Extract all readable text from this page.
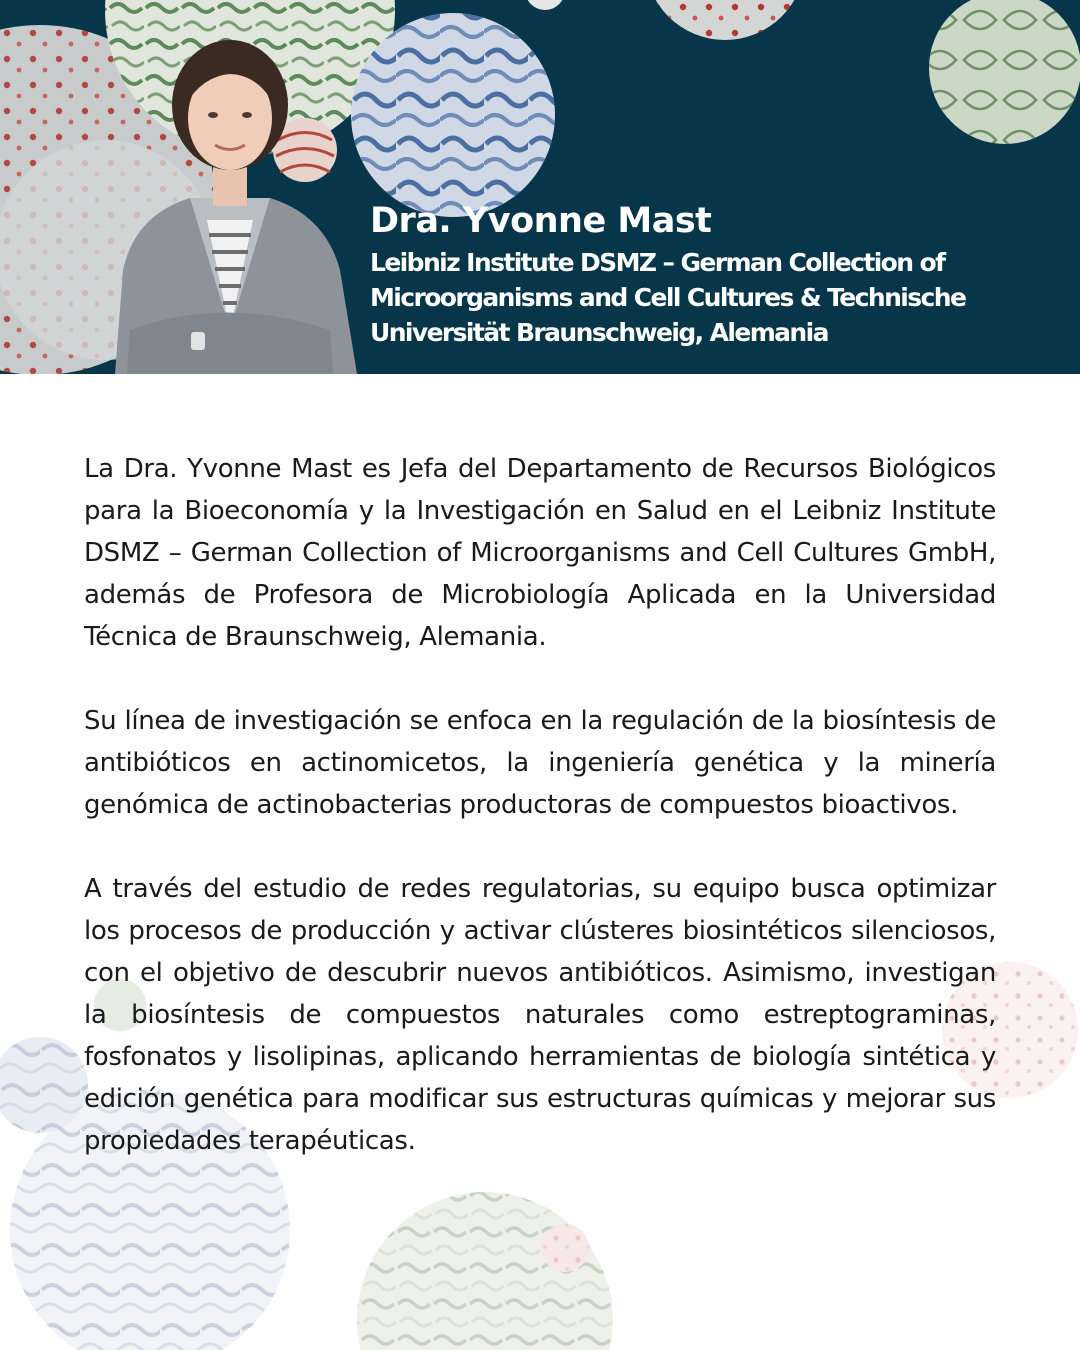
Dra. Yvonne Mast
Leibniz Institute DSMZ – German Collection of Microorganisms and Cell Cultures & Technische Universität Braunschweig, Alemania

La Dra. Yvonne Mast es Jefa del Departamento de Recursos Biológicos para la Bioeconomía y la Investigación en Salud en el Leibniz Institute DSMZ – German Collection of Microorganisms and Cell Cultures GmbH, además de Profesora de Microbiología Aplicada en la Universidad Técnica de Braunschweig, Alemania.

Su línea de investigación se enfoca en la regulación de la biosíntesis de antibióticos en actinomicetos, la ingeniería genética y la minería genómica de actinobacterias productoras de compuestos bioactivos.

A través del estudio de redes regulatorias, su equipo busca optimizar los procesos de producción y activar clústeres biosintéticos silenciosos, con el objetivo de descubrir nuevos antibióticos. Asimismo, investigan la biosíntesis de compuestos naturales como estreptograminas, fosfonatos y lisolipinas, aplicando herramientas de biología sintética y edición genética para modificar sus estructuras químicas y mejorar sus propiedades terapéuticas.
